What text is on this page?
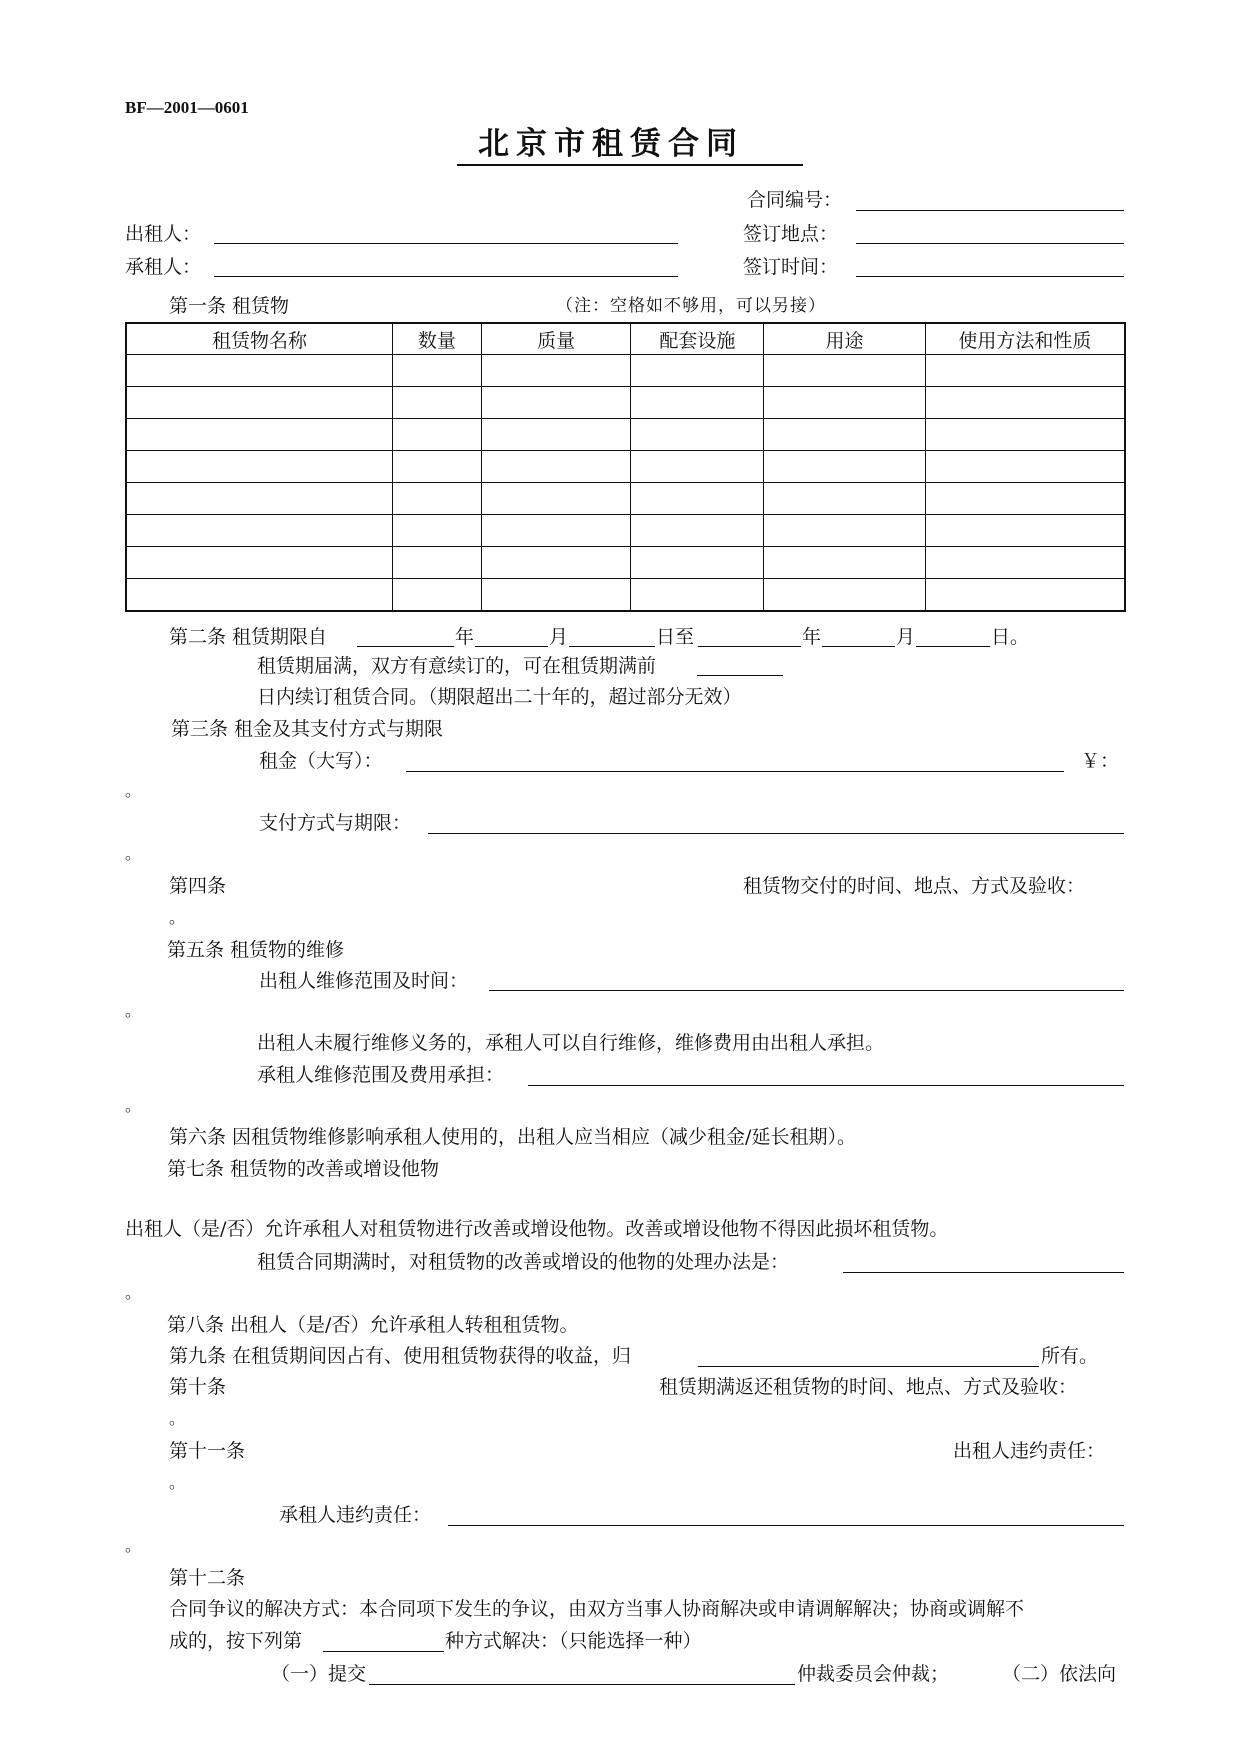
BF—2001—0601
北京市租赁合同
合同编号：
出租人：	签订地点：
承租人：	签订时间：
第一条 租赁物	（注：空格如不够用，可以另接）
租赁物名称	数量	质量	配套设施	用途	使用方法和性质

第二条 租赁期限自	年	月	日至	年	月	日。
租赁期届满，双方有意续订的，可在租赁期满前
日内续订租赁合同。（期限超出二十年的，超过部分无效）
第三条 租金及其支付方式与期限
租金（大写）：	￥：
。
支付方式与期限：
。
第四条	租赁物交付的时间、地点、方式及验收：
。
第五条 租赁物的维修
出租人维修范围及时间：
。
出租人未履行维修义务的，承租人可以自行维修，维修费用由出租人承担。
承租人维修范围及费用承担：
。
第六条 因租赁物维修影响承租人使用的，出租人应当相应（减少租金/延长租期）。
第七条 租赁物的改善或增设他物
出租人（是/否）允许承租人对租赁物进行改善或增设他物。改善或增设他物不得因此损坏租赁物。
租赁合同期满时，对租赁物的改善或增设的他物的处理办法是：
。
第八条 出租人（是/否）允许承租人转租租赁物。
第九条 在租赁期间因占有、使用租赁物获得的收益，归	所有。
第十条	租赁期满返还租赁物的时间、地点、方式及验收：
。
第十一条	出租人违约责任：
。
承租人违约责任：
。
第十二条
合同争议的解决方式：本合同项下发生的争议，由双方当事人协商解决或申请调解解决；协商或调解不
成的，按下列第	种方式解决：（只能选择一种）
（一）提交	仲裁委员会仲裁；	（二）依法向
